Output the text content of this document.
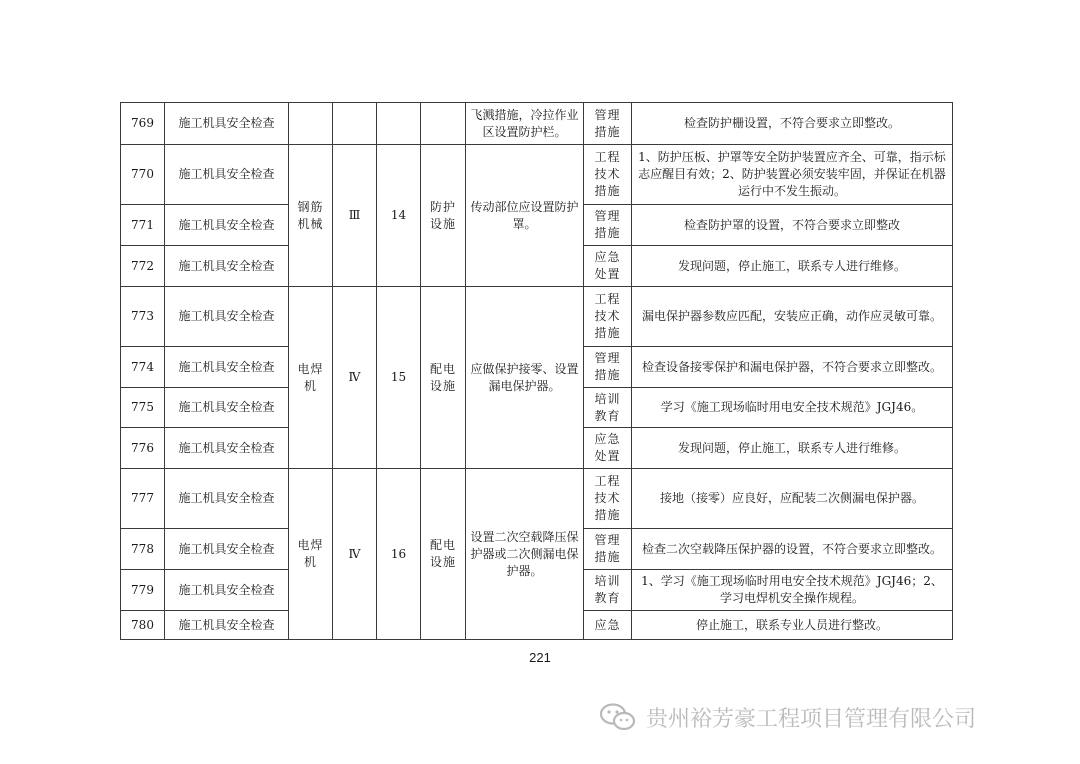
769	施工机具安全检查					飞溅措施，冷拉作业区设置防护栏。	管理措施	检查防护栅设置，不符合要求立即整改。
770	施工机具安全检查	钢筋机械	Ⅲ	14	防护设施	传动部位应设置防护罩。	工程技术措施	1、防护压板、护罩等安全防护装置应齐全、可靠，指示标志应醒目有效；2、防护装置必须安装牢固，并保证在机器运行中不发生振动。
771	施工机具安全检查						管理措施	检查防护罩的设置，不符合要求立即整改
772	施工机具安全检查						应急处置	发现问题，停止施工，联系专人进行维修。
773	施工机具安全检查	电焊机	Ⅳ	15	配电设施	应做保护接零、设置漏电保护器。	工程技术措施	漏电保护器参数应匹配，安装应正确，动作应灵敏可靠。
774	施工机具安全检查						管理措施	检查设备接零保护和漏电保护器，不符合要求立即整改。
775	施工机具安全检查						培训教育	学习《施工现场临时用电安全技术规范》JGJ46。
776	施工机具安全检查						应急处置	发现问题，停止施工，联系专人进行维修。
777	施工机具安全检查	电焊机	Ⅳ	16	配电设施	设置二次空载降压保护器或二次侧漏电保护器。	工程技术措施	接地（接零）应良好，应配装二次侧漏电保护器。
778	施工机具安全检查						管理措施	检查二次空载降压保护器的设置，不符合要求立即整改。
779	施工机具安全检查						培训教育	1、学习《施工现场临时用电安全技术规范》JGJ46；2、学习电焊机安全操作规程。
780	施工机具安全检查						应急	停止施工，联系专业人员进行整改。
221
贵州裕芳豪工程项目管理有限公司
